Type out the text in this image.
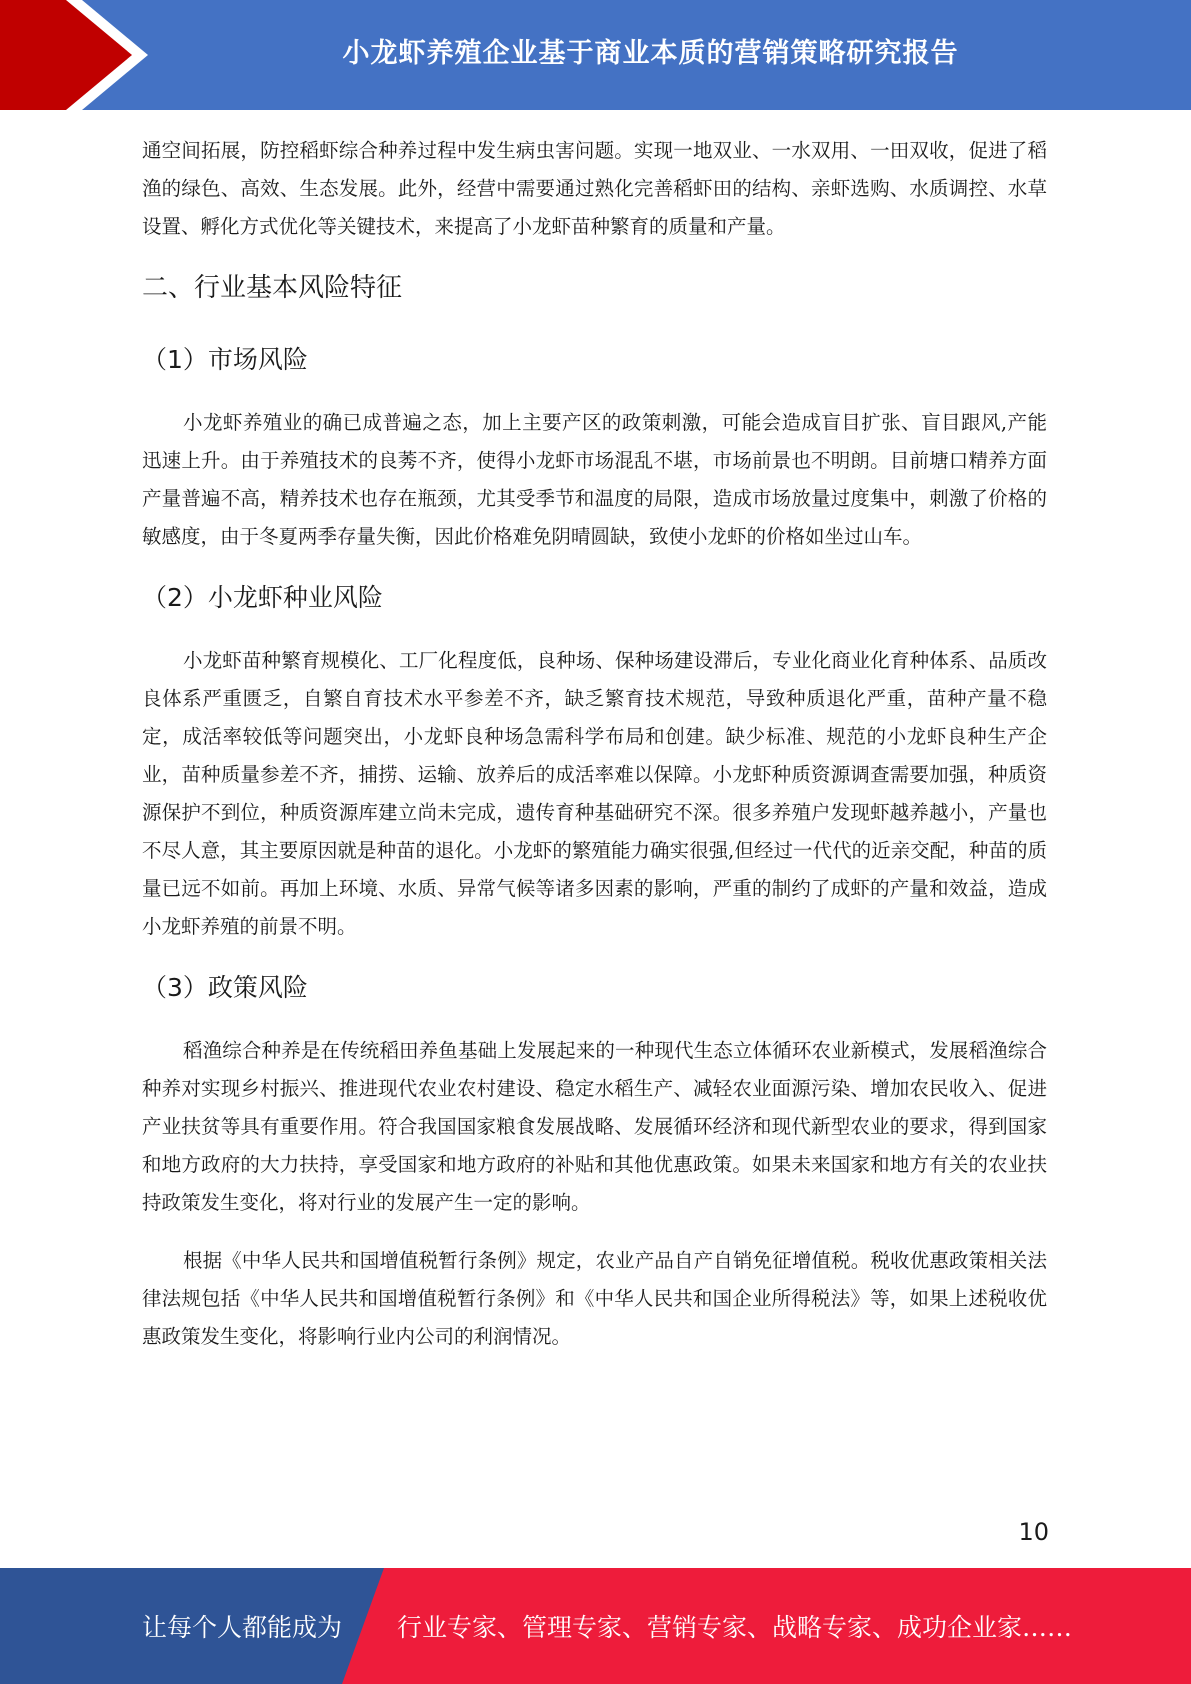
小龙虾养殖企业基于商业本质的营销策略研究报告

通空间拓展，防控稻虾综合种养过程中发生病虫害问题。实现一地双业、一水双用、一田双收，促进了稻渔的绿色、高效、生态发展。此外，经营中需要通过熟化完善稻虾田的结构、亲虾选购、水质调控、水草设置、孵化方式优化等关键技术，来提高了小龙虾苗种繁育的质量和产量。

二、行业基本风险特征
（1）市场风险

小龙虾养殖业的确已成普遍之态，加上主要产区的政策刺激，可能会造成盲目扩张、盲目跟风,产能迅速上升。由于养殖技术的良莠不齐，使得小龙虾市场混乱不堪，市场前景也不明朗。目前塘口精养方面产量普遍不高，精养技术也存在瓶颈，尤其受季节和温度的局限，造成市场放量过度集中，刺激了价格的敏感度，由于冬夏两季存量失衡，因此价格难免阴晴圆缺，致使小龙虾的价格如坐过山车。

（2）小龙虾种业风险

小龙虾苗种繁育规模化、工厂化程度低，良种场、保种场建设滞后，专业化商业化育种体系、品质改良体系严重匮乏，自繁自育技术水平参差不齐，缺乏繁育技术规范，导致种质退化严重，苗种产量不稳定，成活率较低等问题突出，小龙虾良种场急需科学布局和创建。缺少标准、规范的小龙虾良种生产企业，苗种质量参差不齐，捕捞、运输、放养后的成活率难以保障。小龙虾种质资源调查需要加强，种质资源保护不到位，种质资源库建立尚未完成，遗传育种基础研究不深。很多养殖户发现虾越养越小，产量也不尽人意，其主要原因就是种苗的退化。小龙虾的繁殖能力确实很强,但经过一代代的近亲交配，种苗的质量已远不如前。再加上环境、水质、异常气候等诸多因素的影响，严重的制约了成虾的产量和效益，造成小龙虾养殖的前景不明。

（3）政策风险

稻渔综合种养是在传统稻田养鱼基础上发展起来的一种现代生态立体循环农业新模式，发展稻渔综合种养对实现乡村振兴、推进现代农业农村建设、稳定水稻生产、减轻农业面源污染、增加农民收入、促进产业扶贫等具有重要作用。符合我国国家粮食发展战略、发展循环经济和现代新型农业的要求，得到国家和地方政府的大力扶持，享受国家和地方政府的补贴和其他优惠政策。如果未来国家和地方有关的农业扶持政策发生变化，将对行业的发展产生一定的影响。

根据《中华人民共和国增值税暂行条例》规定，农业产品自产自销免征增值税。税收优惠政策相关法律法规包括《中华人民共和国增值税暂行条例》和《中华人民共和国企业所得税法》等，如果上述税收优惠政策发生变化，将影响行业内公司的利润情况。

10
让每个人都能成为 行业专家、管理专家、营销专家、战略专家、成功企业家……
